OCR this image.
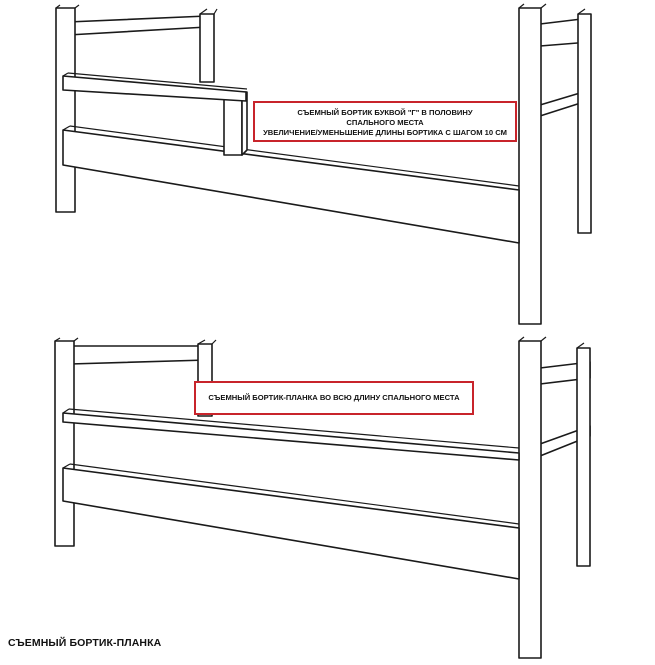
СЪЕМНЫЙ БОРТИК БУКВОЙ "Г" В ПОЛОВИНУ
СПАЛЬНОГО МЕСТА
УВЕЛИЧЕНИЕ/УМЕНЬШЕНИЕ ДЛИНЫ БОРТИКА С ШАГОМ 10 СМ
СЪЕМНЫЙ БОРТИК-ПЛАНКА ВО ВСЮ ДЛИНУ СПАЛЬНОГО МЕСТА
СЪЕМНЫЙ БОРТИК-ПЛАНКА
